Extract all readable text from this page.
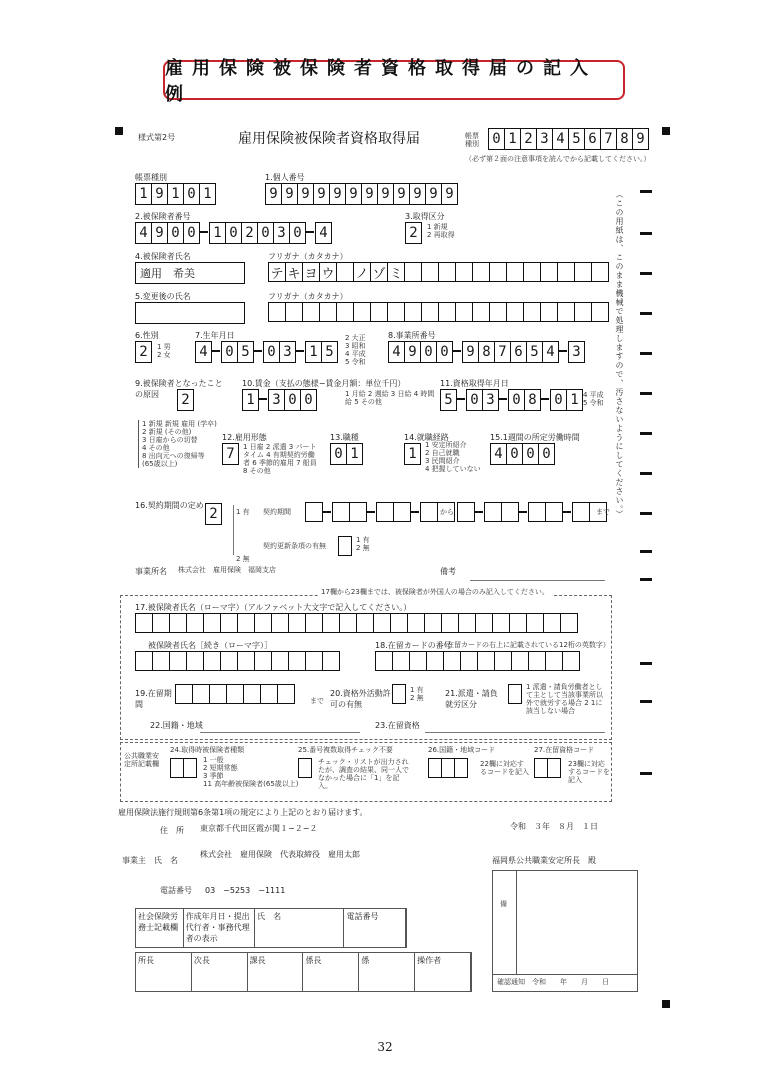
雇用保険被保険者資格取得届の記入例
様式第2号	雇用保険被保険者資格取得届	帳票種別 0 1 2 3 4 5 6 7 8 9
（必ず第２面の注意事項を読んでから記載してください。）
（この用紙は、このまま機械で処理しますので、汚さないようにしてください。）
帳票種別
1 9 1 0 1
1.個人番号
9 9 9 9 9 9 9 9 9 9 9 9
2.被保険者番号
4 9 0 0	1 0 2 0 3 0	4
3.取得区分
2	1 新規
2 再取得
4.被保険者氏名
適用　希美
フリガナ（カタカナ）
テ キ ヨ ウ ノ ゾ ミ
5.変更後の氏名	フリガナ（カタカナ）
6.性別
2	1 男
2 女
7.生年月日
4	0 5	0 3	1 5
2 大正
3 昭和
4 平成
5 令和
8.事業所番号
4 9 0 0	9 8 7 6 5 4	3
9.被保険者となったことの原因	2
10.賃金（支払の態様−賃金月額：単位千円）
1	3 0 0	1 月給 2 週給 3 日給 4 時間給 5 その他
11.資格取得年月日
5	0 3	0 8	0 1 4 平成
5 令和
1 新規 新規 雇用 (学卒)
2 新規 (その他)
3 日雇からの切替
4 その他
8 出向元への復帰等 (65歳以上)
12.雇用形態
7	1 日雇 2 派遣 3 パートタイム 4 有期契約労働者 6 季節的雇用 7 船員 8 その他
13.職種
0 1
14.就職経路
1
1 安定所紹介
2 自己就職
3 民間紹介
4 把握していない
15.1週間の所定労働時間
4 0 0 0
16.契約期間の定め
2	1 有
2 無
契約期間	から	まで
契約更新条項の有無
1 有
2 無
事業所名 株式会社　雇用保険　福岡支店	備考
17欄から23欄までは、被保険者が外国人の場合のみ記入してください。
17.被保険者氏名（ローマ字）（アルファベット大文字で記入してください。）
被保険者氏名［続き（ローマ字）］	18.在留カードの番号
（在留カードの右上に記載されている12桁の英数字）
19.在留期間	まで
20.資格外活動許可の有無
1 有
2 無
21.派遣・請負就労区分
1 派遣・請負労働者として主として当該事業所以外で就労する場合 2 1に該当しない場合
22.国籍・地域	23.在留資格
公共職業安定所記載欄
24.取得時被保険者種類
1 一般
2 短期常態
3 季節
11 高年齢被保険者(65歳以上)
25.番号複数取得チェック不要
チェック・リストが出力されたが、調査の結果、同一人でなかった場合に「1」を記入。
26.国籍・地域コード
22欄に対応するコードを記入
27.在留資格コード
23欄に対応するコードを記入
雇用保険法施行規則第6条第1項の規定により上記のとおり届けます。
令和　３年　８月　１日
住　所 東京都千代田区霞が関１−２−２
事業主　氏　名
株式会社　雇用保険　代表取締役　雇用太郎
福岡県公共職業安定所長　殿
電話番号 03　−5253　−1111
社会保険労務士記載欄
作成年月日・提出代行者・事務代理者の表示
氏　名	電話番号
所長	次長	課長	係長	係	操作者
備
確認通知　令和　　年　　月　　日
32
